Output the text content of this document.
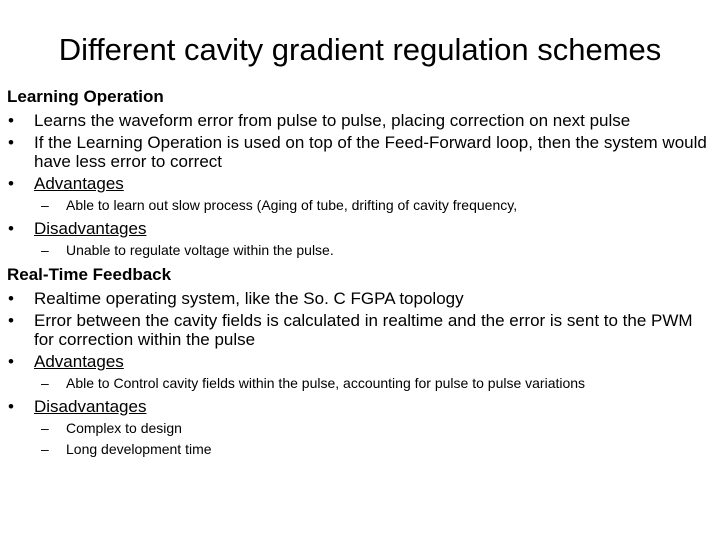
Different cavity gradient regulation schemes
Learning Operation
• Learns the waveform error from pulse to pulse, placing correction on next pulse
• If the Learning Operation is used on top of the Feed-Forward loop, then the system would have less error to correct
• Advantages
– Able to learn out slow process (Aging of tube, drifting of cavity frequency,
• Disadvantages
– Unable to regulate voltage within the pulse.
Real-Time Feedback
• Realtime operating system, like the So. C FGPA topology
• Error between the cavity fields is calculated in realtime and the error is sent to the PWM for correction within the pulse
• Advantages
– Able to Control cavity fields within the pulse, accounting for pulse to pulse variations
• Disadvantages
– Complex to design
– Long development time
